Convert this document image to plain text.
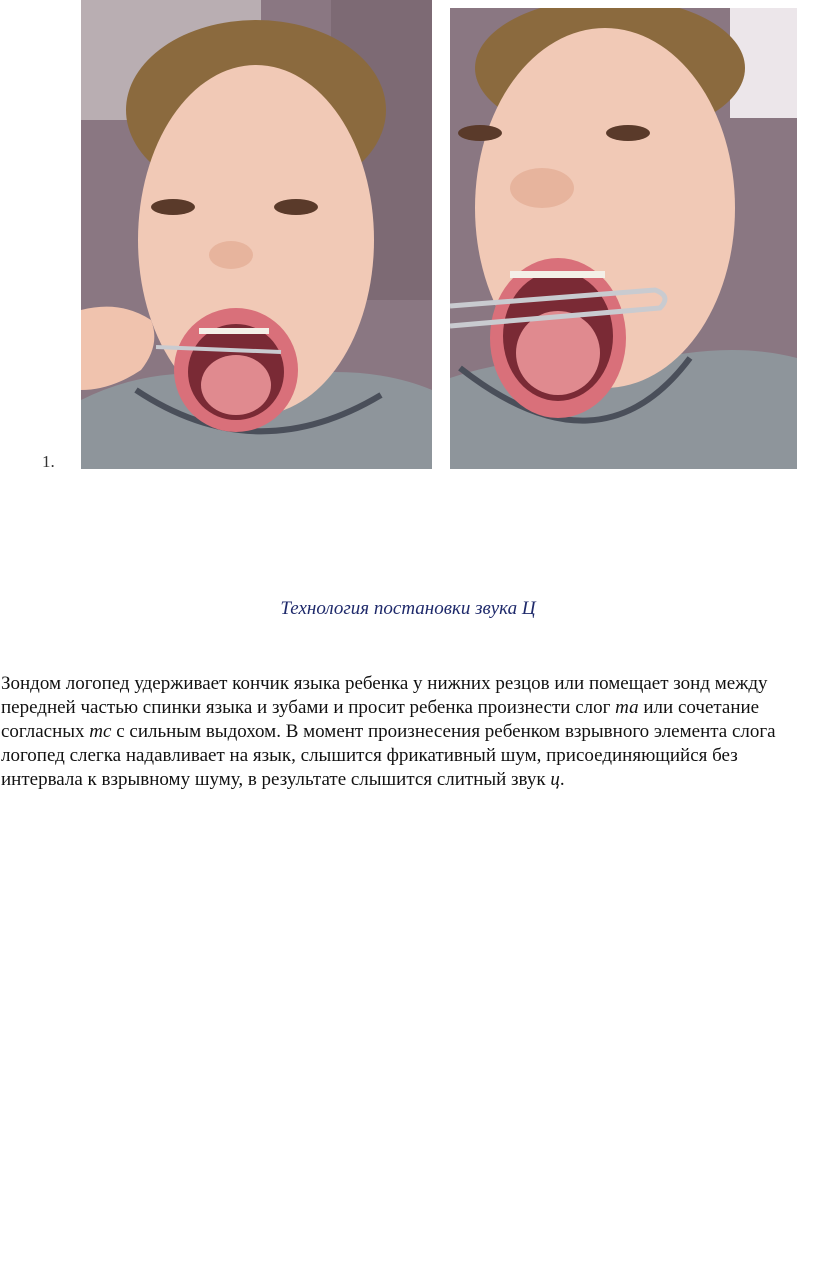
1.
Технология постановки звука Ц

Зондом логопед удерживает кончик языка ребенка у нижних резцов или помещает зонд между передней частью спинки языка и зубами и просит ребенка произнести слог та или сочетание согласных тс с сильным выдохом. В момент произнесения ребенком взрывного элемента слога логопед слегка надавливает на язык, слышится фрикативный шум, присоединяющийся без интервала к взрывному шуму, в результате слышится слитный звук ц.
